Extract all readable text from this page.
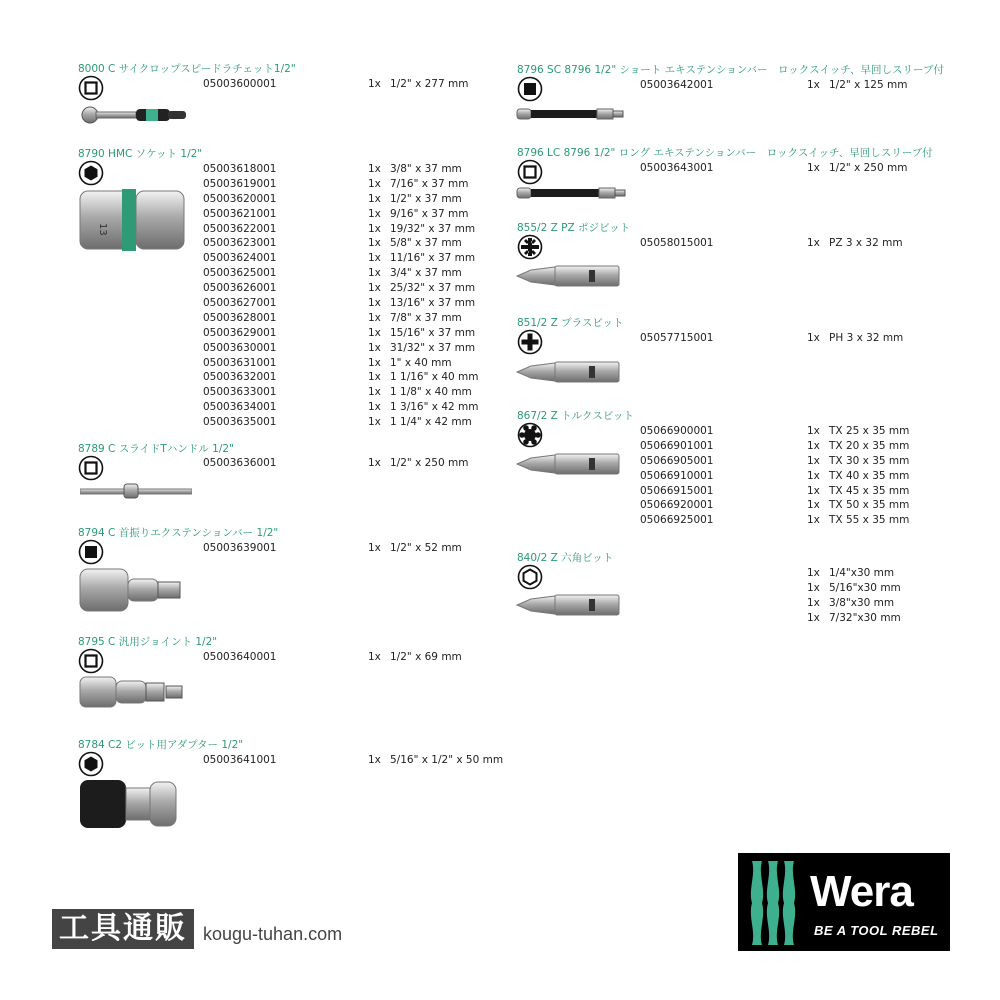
8000 C サイクロップスピードラチェット1/2"
05003600001	1x 1/2" x 277 mm
8790 HMC ソケット 1/2"
13
05003618001	1x 3/8" x 37 mm
05003619001	1x 7/16" x 37 mm
05003620001	1x 1/2" x 37 mm
05003621001	1x 9/16" x 37 mm
05003622001	1x 19/32" x 37 mm
05003623001	1x 5/8" x 37 mm
05003624001	1x 11/16" x 37 mm
05003625001	1x 3/4" x 37 mm
05003626001	1x 25/32" x 37 mm
05003627001	1x 13/16" x 37 mm
05003628001	1x 7/8" x 37 mm
05003629001	1x 15/16" x 37 mm
05003630001	1x 31/32" x 37 mm
05003631001	1x 1" x 40 mm
05003632001	1x 1 1/16" x 40 mm
05003633001	1x 1 1/8" x 40 mm
05003634001	1x 1 3/16" x 42 mm
05003635001	1x 1 1/4" x 42 mm
8789 C スライドTハンドル 1/2"
05003636001	1x 1/2" x 250 mm
8794 C 首振りエクステンションバー 1/2"
05003639001	1x 1/2" x 52 mm
8795 C 汎用ジョイント 1/2"
05003640001	1x 1/2" x 69 mm
8784 C2 ビット用アダプター 1/2"
05003641001	1x 5/16" x 1/2" x 50 mm
8796 SC 8796 1/2" ショート エキステンションバー　ロックスイッチ、早回しスリーブ付
05003642001	1x 1/2" x 125 mm
8796 LC 8796 1/2" ロング エキステンションバー　ロックスイッチ、早回しスリーブ付
05003643001	1x 1/2" x 250 mm
855/2 Z PZ ポジビット
05058015001	1x PZ 3 x 32 mm
851/2 Z プラスビット
05057715001	1x PH 3 x 32 mm
867/2 Z トルクスビット
05066900001	1x TX 25 x 35 mm
05066901001	1x TX 20 x 35 mm
05066905001	1x TX 30 x 35 mm
05066910001	1x TX 40 x 35 mm
05066915001	1x TX 45 x 35 mm
05066920001	1x TX 50 x 35 mm
05066925001	1x TX 55 x 35 mm
840/2 Z 六角ビット
1x 1/4"x30 mm
1x 5/16"x30 mm
1x 3/8"x30 mm
1x 7/32"x30 mm
工具通販 kougu-tuhan.com
Wera
BE A TOOL REBEL
